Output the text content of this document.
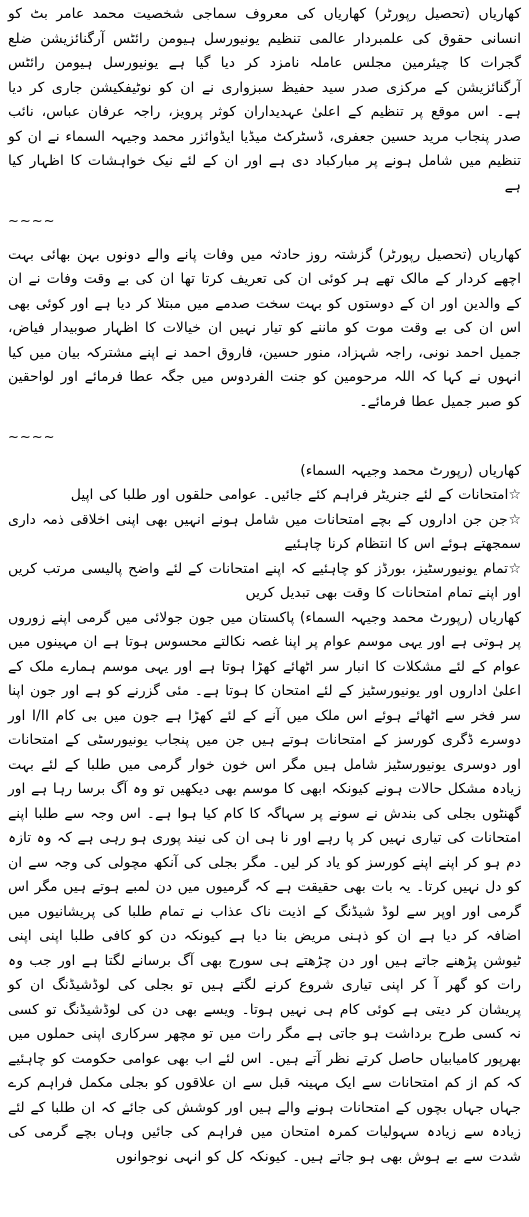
کھاریاں (تحصیل رپورٹر) کھاریاں کی معروف سماجی شخصیت محمد عامر بٹ کو انسانی حقوق کی علمبردار عالمی تنظیم یونیورسل ہیومن رائٹس آرگنائزیشن ضلع گجرات کا چیئرمین مجلس عاملہ نامزد کر دیا گیا ہے یونیورسل ہیومن رائٹس آرگنائزیشن کے مرکزی صدر سید حفیظ سبزواری نے ان کو نوٹیفکیشن جاری کر دیا ہے۔ اس موقع پر تنظیم کے اعلیٰ عہدیداران کوثر پرویز، راجہ عرفان عباس، نائب صدر پنجاب مرید حسین جعفری، ڈسٹرکٹ میڈیا ایڈوائزر محمد وجیہہ السماء نے ان کو تنظیم میں شامل ہونے پر مبارکباد دی ہے اور ان کے لئے نیک خواہشات کا اظہار کیا ہے

~~~~

کھاریاں (تحصیل رپورٹر) گزشتہ روز حادثہ میں وفات پانے والے دونوں بہن بھائی بہت اچھے کردار کے مالک تھے ہر کوئی ان کی تعریف کرتا تھا ان کی بے وقت وفات نے ان کے والدین اور ان کے دوستوں کو بہت سخت صدمے میں مبتلا کر دیا ہے اور کوئی بھی اس ان کی بے وقت موت کو ماننے کو تیار نہیں ان خیالات کا اظہار صوبیدار فیاض، جمیل احمد نونی، راجہ شہزاد، منور حسین، فاروق احمد نے اپنے مشترکہ بیان میں کیا انہوں نے کہا کہ اللہ مرحومین کو جنت الفردوس میں جگہ عطا فرمائے اور لواحقین کو صبر جمیل عطا فرمائے۔

~~~~

کھاریاں (رپورٹ محمد وجیہہ السماء)

☆امتحانات کے لئے جنریٹر فراہم کئے جائیں۔ عوامی حلقوں اور طلبا کی اپیل

☆جن جن اداروں کے بچے امتحانات میں شامل ہونے انہیں بھی اپنی اخلاقی ذمہ داری سمجھتے ہوئے اس کا انتظام کرنا چاہئیے

☆تمام یونیورسٹیز، بورڈز کو چاہئیے کہ اپنے امتحانات کے لئے واضح پالیسی مرتب کریں اور اپنے تمام امتحانات کا وقت بھی تبدیل کریں

کھاریاں (رپورٹ محمد وجیہہ السماء) پاکستان میں جون جولائی میں گرمی اپنے زوروں پر ہوتی ہے اور یہی موسم عوام پر اپنا غصہ نکالتے محسوس ہوتا ہے ان مہینوں میں عوام کے لئے مشکلات کا انبار سر اٹھائے کھڑا ہوتا ہے اور یہی موسم ہمارے ملک کے اعلیٰ اداروں اور یونیورسٹیز کے لئے امتحان کا ہوتا ہے۔ مئی گزرنے کو ہے اور جون اپنا سر فخر سے اٹھائے ہوئے اس ملک میں آنے کے لئے کھڑا ہے جون میں بی کام I/II اور دوسرے ڈگری کورسز کے امتحانات ہوتے ہیں جن میں پنجاب یونیورسٹی کے امتحانات اور دوسری یونیورسٹیز شامل ہیں مگر اس خون خوار گرمی میں طلبا کے لئے بہت زیادہ مشکل حالات ہونے کیونکہ ابھی کا موسم بھی دیکھیں تو وہ آگ برسا رہا ہے اور گھنٹوں بجلی کی بندش نے سونے پر سہاگہ کا کام کیا ہوا ہے۔ اس وجہ سے طلبا اپنے امتحانات کی تیاری نہیں کر پا رہے اور نا ہی ان کی نیند پوری ہو رہی ہے کہ وہ تازہ دم ہو کر اپنے اپنے کورسز کو یاد کر لیں۔ مگر بجلی کی آنکھ مچولی کی وجہ سے ان کو دل نہیں کرتا۔ یہ بات بھی حقیقت ہے کہ گرمیوں میں دن لمبے ہوتے ہیں مگر اس گرمی اور اوپر سے لوڈ شیڈنگ کے اذیت ناک عذاب نے تمام طلبا کی پریشانیوں میں اضافہ کر دیا ہے ان کو ذہنی مریض بنا دیا ہے کیونکہ دن کو کافی طلبا اپنی اپنی ٹیوشن پڑھنے جاتے ہیں اور دن چڑھتے ہی سورج بھی آگ برسانے لگتا ہے اور جب وہ رات کو گھر آ کر اپنی تیاری شروع کرنے لگتے ہیں تو بجلی کی لوڈشیڈنگ ان کو پریشان کر دیتی ہے کوئی کام ہی نہیں ہوتا۔ ویسے بھی دن کی لوڈشیڈنگ تو کسی نہ کسی طرح برداشت ہو جاتی ہے مگر رات میں تو مچھر سرکاری اپنی حملوں میں بھرپور کامیابیاں حاصل کرتے نظر آتے ہیں۔ اس لئے اب بھی عوامی حکومت کو چاہئیے کہ کم از کم امتحانات سے ایک مہینہ قبل سے ان علاقوں کو بجلی مکمل فراہم کرے جہاں جہاں بچوں کے امتحانات ہونے والے ہیں اور کوشش کی جائے کہ ان طلبا کے لئے زیادہ سے زیادہ سہولیات کمرہ امتحان میں فراہم کی جائیں وہاں بچے گرمی کی شدت سے بے ہوش بھی ہو جاتے ہیں۔ کیونکہ کل کو انہی نوجوانوں
